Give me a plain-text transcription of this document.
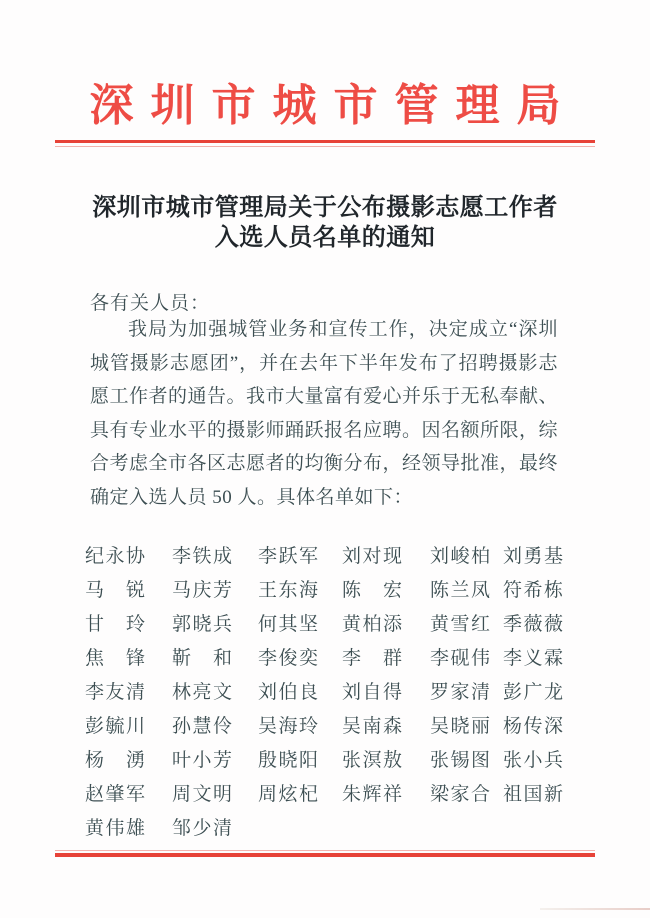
深圳市城市管理局
深圳市城市管理局关于公布摄影志愿工作者
入选人员名单的通知
各有关人员：
我局为加强城管业务和宣传工作，决定成立“深圳城管摄影志愿团”，并在去年下半年发布了招聘摄影志愿工作者的通告。我市大量富有爱心并乐于无私奉献、具有专业水平的摄影师踊跃报名应聘。因名额所限，综合考虑全市各区志愿者的均衡分布，经领导批准，最终确定入选人员 50 人。具体名单如下：
纪永协	李铁成	李跃军	刘对现	刘峻柏 刘勇基
马　锐	马庆芳	王东海	陈　宏	陈兰凤 符希栋
甘　玲	郭晓兵	何其坚	黄柏添	黄雪红 季薇薇
焦　锋	靳　和	李俊奕	李　群	李砚伟 李义霖
李友清	林亮文	刘伯良	刘自得	罗家清 彭广龙
彭毓川	孙慧伶	吴海玲	吴南森	吴晓丽 杨传深
杨　湧	叶小芳	殷晓阳	张溟敖	张锡图 张小兵
赵肇军	周文明	周炫杞	朱辉祥	梁家合 祖国新
黄伟雄	邹少清
